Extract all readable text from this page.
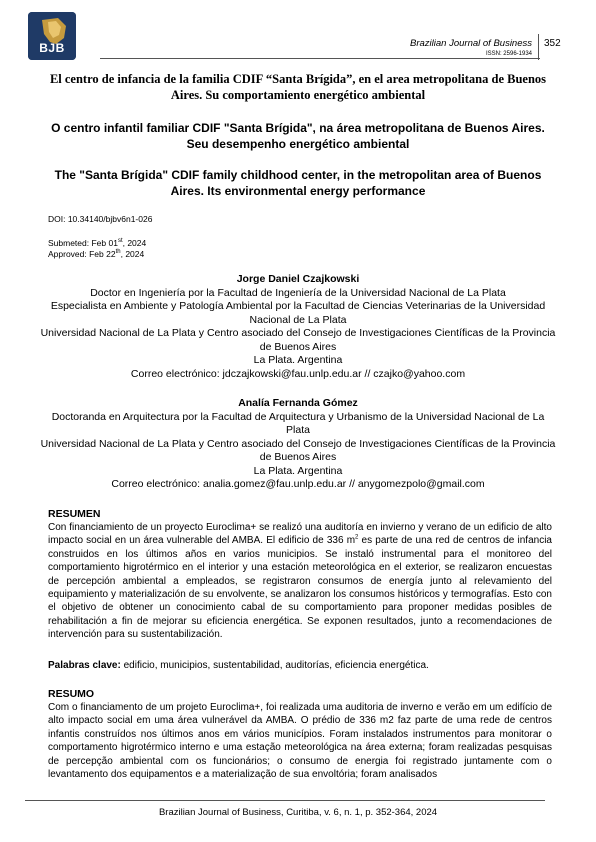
BJB	Brazilian Journal of Business
ISSN: 2596-1934
352
El centro de infancia de la familia CDIF “Santa Brígida”, en el area metropolitana de Buenos Aires. Su comportamiento energético ambiental
O centro infantil familiar CDIF "Santa Brígida", na área metropolitana de Buenos Aires. Seu desempenho energético ambiental
The "Santa Brígida" CDIF family childhood center, in the metropolitan area of Buenos Aires. Its environmental energy performance
DOI: 10.34140/bjbv6n1-026
Submeted: Feb 01st, 2024
Approved: Feb 22th, 2024
Jorge Daniel Czajkowski
Doctor en Ingeniería por la Facultad de Ingeniería de la Universidad Nacional de La Plata
Especialista en Ambiente y Patología Ambiental por la Facultad de Ciencias Veterinarias de la Universidad Nacional de La Plata
Universidad Nacional de La Plata y Centro asociado del Consejo de Investigaciones Científicas de la Provincia de Buenos Aires
La Plata. Argentina
Correo electrónico: jdczajkowski@fau.unlp.edu.ar // czajko@yahoo.com
Analía Fernanda Gómez
Doctoranda en Arquitectura por la Facultad de Arquitectura y Urbanismo de la Universidad Nacional de La Plata
Universidad Nacional de La Plata y Centro asociado del Consejo de Investigaciones Científicas de la Provincia de Buenos Aires
La Plata. Argentina
Correo electrónico: analia.gomez@fau.unlp.edu.ar // anygomezpolo@gmail.com
RESUMEN
Con financiamiento de un proyecto Euroclima+ se realizó una auditoría en invierno y verano de un edificio de alto impacto social en un área vulnerable del AMBA. El edificio de 336 $m^2$ es parte de una red de centros de infancia construidos en los últimos años en varios municipios. Se instaló instrumental para el monitoreo del comportamiento higrotérmico en el interior y una estación meteorológica en el exterior, se realizaron encuestas de percepción ambiental a empleados, se registraron consumos de energía junto al relevamiento del equipamiento y materialización de su envolvente, se analizaron los consumos históricos y termografías. Esto con el objetivo de obtener un conocimiento cabal de su comportamiento para proponer medidas posibles de rehabilitación a fin de mejorar su eficiencia energética. Se exponen resultados, junto a recomendaciones de intervención para su sustentabilización.
Palabras clave: edificio, municipios, sustentabilidad, auditorías, eficiencia energética.
RESUMO
Com o financiamento de um projeto Euroclima+, foi realizada uma auditoria de inverno e verão em um edifício de alto impacto social em uma área vulnerável da AMBA. O prédio de 336 m2 faz parte de uma rede de centros infantis construídos nos últimos anos em vários municípios. Foram instalados instrumentos para monitorar o comportamento higrotérmico interno e uma estação meteorológica na área externa; foram realizadas pesquisas de percepção ambiental com os funcionários; o consumo de energia foi registrado juntamente com o levantamento dos equipamentos e a materialização de sua envoltória; foram analisados
Brazilian Journal of Business, Curitiba, v. 6, n. 1, p. 352-364, 2024
